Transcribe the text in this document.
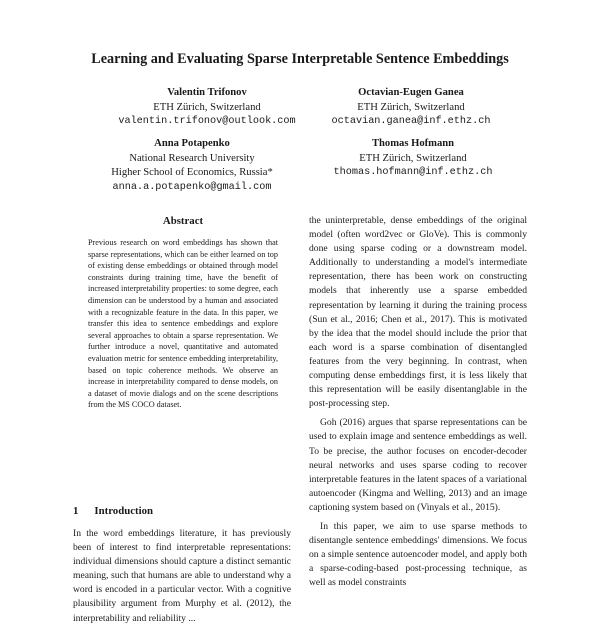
Learning and Evaluating Sparse Interpretable Sentence Embeddings
Valentin Trifonov
ETH Zürich, Switzerland
valentin.trifonov@outlook.com
Octavian-Eugen Ganea
ETH Zürich, Switzerland
octavian.ganea@inf.ethz.ch
Anna Potapenko
National Research University
Higher School of Economics, Russia*
anna.a.potapenko@gmail.com
Thomas Hofmann
ETH Zürich, Switzerland
thomas.hofmann@inf.ethz.ch
Abstract

Previous research on word embeddings has shown that sparse representations, which can be either learned on top of existing dense embeddings or obtained through model constraints during training time, have the benefit of increased interpretability properties: to some degree, each dimension can be understood by a human and associated with a recognizable feature in the data. In this paper, we transfer this idea to sentence embeddings and explore several approaches to obtain a sparse representation. We further introduce a novel, quantitative and automated evaluation metric for sentence embedding interpretability, based on topic coherence methods. We observe an increase in interpretability compared to dense models, on a dataset of movie dialogs and on the scene descriptions from the MS COCO dataset.

1 Introduction

In the word embeddings literature, it has previously been of interest to find interpretable representations: individual dimensions should capture a distinct semantic meaning, such that humans are able to understand why a word is encoded in a particular vector. With a cognitive plausibility argument from Murphy et al. (2012), the interpretability and reliability ...

the uninterpretable, dense embeddings of the original model (often word2vec or GloVe). This is commonly done using sparse coding or a downstream model. Additionally to understanding a model's intermediate representation, there has been work on constructing models that inherently use a sparse embedded representation by learning it during the training process (Sun et al., 2016; Chen et al., 2017). This is motivated by the idea that the model should include the prior that each word is a sparse combination of disentangled features from the very beginning. In contrast, when computing dense embeddings first, it is less likely that this representation will be easily disentanglable in the post-processing step.

Goh (2016) argues that sparse representations can be used to explain image and sentence embeddings as well. To be precise, the author focuses on encoder-decoder neural networks and uses sparse coding to recover interpretable features in the latent spaces of a variational autoencoder (Kingma and Welling, 2013) and an image captioning system based on (Vinyals et al., 2015).

In this paper, we aim to use sparse methods to disentangle sentence embeddings' dimensions. We focus on a simple sentence autoencoder model, and apply both a sparse-coding-based post-processing technique, as well as model constraints
